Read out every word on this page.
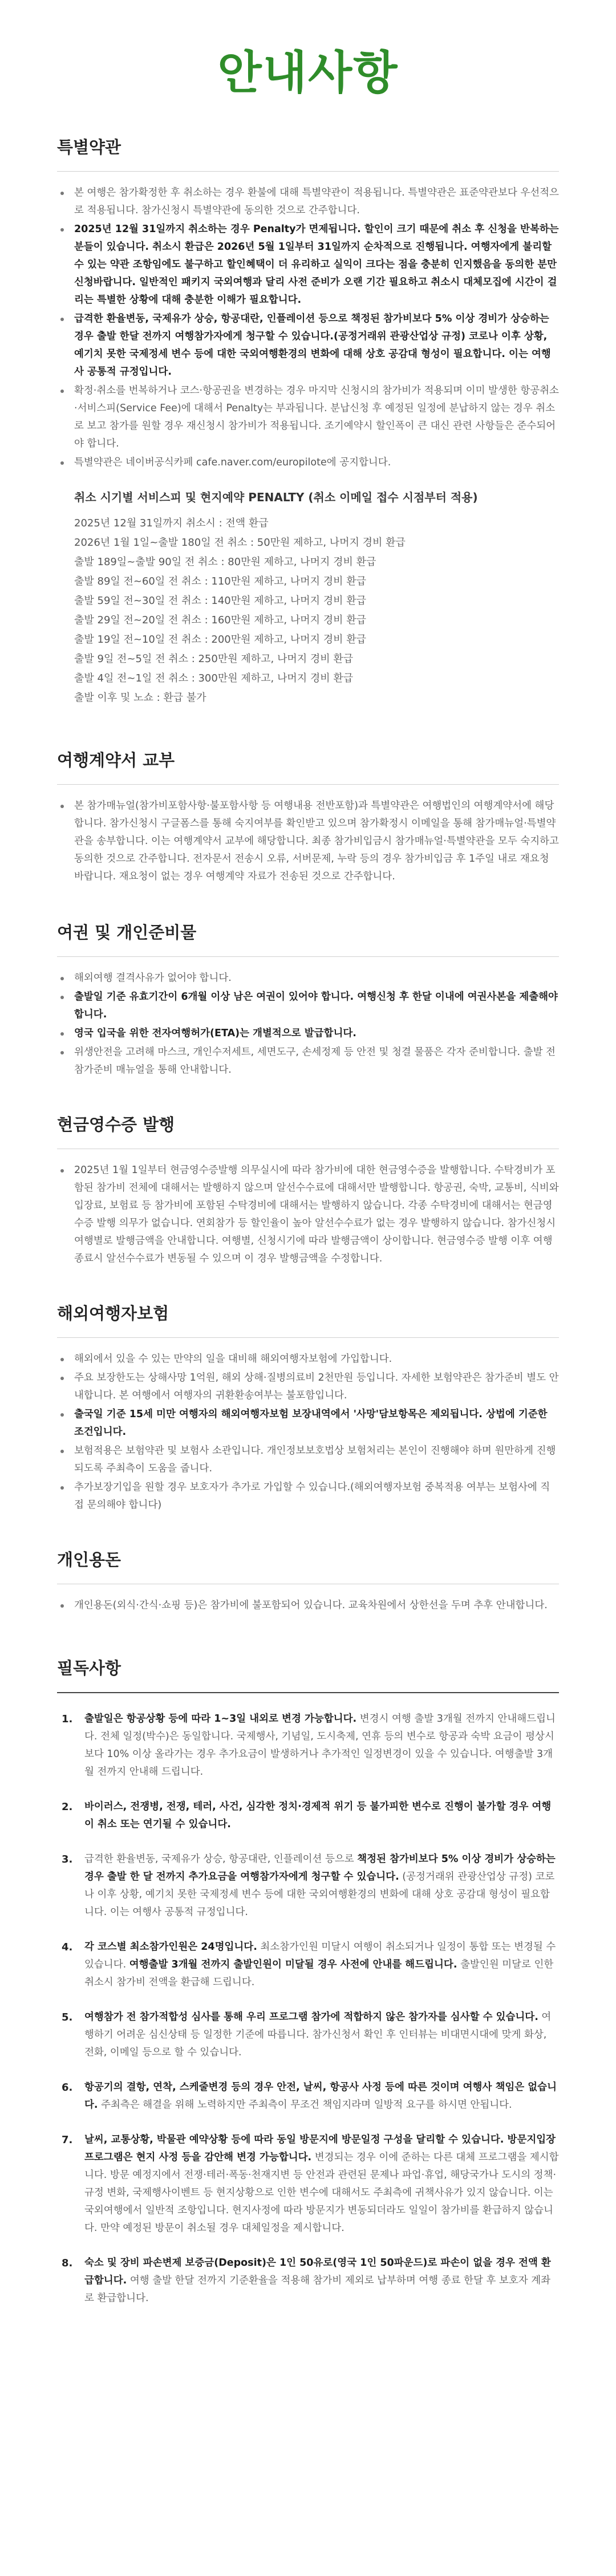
안내사항
특별약관
본 여행은 참가확정한 후 취소하는 경우 환불에 대해 특별약관이 적용됩니다. 특별약관은 표준약관보다 우선적으로 적용됩니다. 참가신청시 특별약관에 동의한 것으로 간주합니다.
2025년 12월 31일까지 취소하는 경우 Penalty가 면제됩니다. 할인이 크기 때문에 취소 후 신청을 반복하는 분들이 있습니다. 취소시 환급은 2026년 5월 1일부터 31일까지 순차적으로 진행됩니다. 여행자에게 불리할 수 있는 약관 조항임에도 불구하고 할인혜택이 더 유리하고 실익이 크다는 점을 충분히 인지했음을 동의한 분만 신청바랍니다. 일반적인 패키지 국외여행과 달리 사전 준비가 오랜 기간 필요하고 취소시 대체모집에 시간이 걸리는 특별한 상황에 대해 충분한 이해가 필요합니다.
급격한 환율변동, 국제유가 상승, 항공대란, 인플레이션 등으로 책정된 참가비보다 5% 이상 경비가 상승하는 경우 출발 한달 전까지 여행참가자에게 청구할 수 있습니다.(공정거래위 관광산업상 규정) 코로나 이후 상황, 예기치 못한 국제정세 변수 등에 대한 국외여행환경의 변화에 대해 상호 공감대 형성이 필요합니다. 이는 여행사 공통적 규정입니다.
확정·취소를 번복하거나 코스·항공권을 변경하는 경우 마지막 신청시의 참가비가 적용되며 이미 발생한 항공취소·서비스피(Service Fee)에 대해서 Penalty는 부과됩니다. 분납신청 후 예정된 일정에 분납하지 않는 경우 취소로 보고 참가를 원할 경우 재신청시 참가비가 적용됩니다. 조기예약시 할인폭이 큰 대신 관련 사항들은 준수되어야 합니다.
특별약관은 네이버공식카페 cafe.naver.com/europilote에 공지합니다.
취소 시기별 서비스피 및 현지예약 PENALTY (취소 이메일 접수 시점부터 적용)
2025년 12월 31일까지 취소시 : 전액 환급
2026년 1월 1일~출발 180일 전 취소 : 50만원 제하고, 나머지 경비 환급
출발 189일~출발 90일 전 취소 : 80만원 제하고, 나머지 경비 환급
출발 89일 전~60일 전 취소 : 110만원 제하고, 나머지 경비 환급
출발 59일 전~30일 전 취소 : 140만원 제하고, 나머지 경비 환급
출발 29일 전~20일 전 취소 : 160만원 제하고, 나머지 경비 환급
출발 19일 전~10일 전 취소 : 200만원 제하고, 나머지 경비 환급
출발 9일 전~5일 전 취소 : 250만원 제하고, 나머지 경비 환급
출발 4일 전~1일 전 취소 : 300만원 제하고, 나머지 경비 환급
출발 이후 및 노쇼 : 환급 불가
여행계약서 교부
본 참가매뉴얼(참가비포함사항·불포함사항 등 여행내용 전반포함)과 특별약관은 여행법인의 여행계약서에 해당합니다. 참가신청시 구글폼스를 통해 숙지여부를 확인받고 있으며 참가확정시 이메일을 통해 참가매뉴얼·특별약관을 송부합니다. 이는 여행계약서 교부에 해당합니다. 최종 참가비입금시 참가매뉴얼·특별약관을 모두 숙지하고 동의한 것으로 간주합니다. 전자문서 전송시 오류, 서버문제, 누락 등의 경우 참가비입금 후 1주일 내로 재요청 바랍니다. 재요청이 없는 경우 여행계약 자료가 전송된 것으로 간주합니다.
여권 및 개인준비물
해외여행 결격사유가 없어야 합니다.
출발일 기준 유효기간이 6개월 이상 남은 여권이 있어야 합니다. 여행신청 후 한달 이내에 여권사본을 제출해야 합니다.
영국 입국을 위한 전자여행허가(ETA)는 개별적으로 발급합니다.
위생안전을 고려해 마스크, 개인수저세트, 세면도구, 손세정제 등 안전 및 청결 물품은 각자 준비합니다. 출발 전 참가준비 매뉴얼을 통해 안내합니다.
현금영수증 발행
2025년 1월 1일부터 현금영수증발행 의무실시에 따라 참가비에 대한 현금영수증을 발행합니다. 수탁경비가 포함된 참가비 전체에 대해서는 발행하지 않으며 알선수수료에 대해서만 발행합니다. 항공권, 숙박, 교통비, 식비와 입장료, 보험료 등 참가비에 포함된 수탁경비에 대해서는 발행하지 않습니다. 각종 수탁경비에 대해서는 현금영수증 발행 의무가 없습니다. 연회참가 등 할인율이 높아 알선수수료가 없는 경우 발행하지 않습니다. 참가신청시 여행별로 발행금액을 안내합니다. 여행별, 신청시기에 따라 발행금액이 상이합니다. 현금영수증 발행 이후 여행 종료시 알선수수료가 변동될 수 있으며 이 경우 발행금액을 수정합니다.
해외여행자보험
해외에서 있을 수 있는 만약의 일을 대비해 해외여행자보험에 가입합니다.
주요 보장한도는 상해사망 1억원, 해외 상해·질병의료비 2천만원 등입니다. 자세한 보험약관은 참가준비 별도 안내합니다. 본 여행에서 여행자의 귀환환송여부는 불포함입니다.
출국일 기준 15세 미만 여행자의 해외여행자보험 보장내역에서 '사망'담보항목은 제외됩니다. 상법에 기준한 조건입니다.
보험적용은 보험약관 및 보험사 소관입니다. 개인정보보호법상 보험처리는 본인이 진행해야 하며 원만하게 진행되도록 주최측이 도움을 줍니다.
추가보장기입을 원할 경우 보호자가 추가로 가입할 수 있습니다.(해외여행자보험 중복적용 여부는 보험사에 직접 문의해야 합니다)
개인용돈
개인용돈(외식·간식·쇼핑 등)은 참가비에 불포함되어 있습니다. 교육차원에서 상한선을 두며 추후 안내합니다.
필독사항
1. 출발일은 항공상황 등에 따라 1~3일 내외로 변경 가능합니다. 변경시 여행 출발 3개월 전까지 안내해드립니다. 전체 일정(박수)은 동일합니다. 국제행사, 기념일, 도시축제, 연휴 등의 변수로 항공과 숙박 요금이 평상시보다 10% 이상 올라가는 경우 추가요금이 발생하거나 추가적인 일정변경이 있을 수 있습니다. 여행출발 3개월 전까지 안내해 드립니다.
2. 바이러스, 전쟁병, 전쟁, 테러, 사건, 심각한 정치·경제적 위기 등 불가피한 변수로 진행이 불가할 경우 여행이 취소 또는 연기될 수 있습니다.
3. 급격한 환율변동, 국제유가 상승, 항공대란, 인플레이션 등으로 책정된 참가비보다 5% 이상 경비가 상승하는 경우 출발 한 달 전까지 추가요금을 여행참가자에게 청구할 수 있습니다. (공정거래위 관광산업상 규정) 코로나 이후 상황, 예기치 못한 국제정세 변수 등에 대한 국외여행환경의 변화에 대해 상호 공감대 형성이 필요합니다. 이는 여행사 공통적 규정입니다.
4. 각 코스별 최소참가인원은 24명입니다. 최소참가인원 미달시 여행이 취소되거나 일정이 통합 또는 변경될 수 있습니다. 여행출발 3개월 전까지 출발인원이 미달될 경우 사전에 안내를 해드립니다. 출발인원 미달로 인한 취소시 참가비 전액을 환급해 드립니다.
5. 여행참가 전 참가적합성 심사를 통해 우리 프로그램 참가에 적합하지 않은 참가자를 심사할 수 있습니다. 여행하기 어려운 심신상태 등 일정한 기준에 따릅니다. 참가신청서 확인 후 인터뷰는 비대면시대에 맞게 화상, 전화, 이메일 등으로 할 수 있습니다.
6. 항공기의 결항, 연착, 스케줄변경 등의 경우 안전, 날씨, 항공사 사정 등에 따른 것이며 여행사 책임은 없습니다. 주최측은 해결을 위해 노력하지만 주최측이 무조건 책임지라며 일방적 요구를 하시면 안됩니다.
7. 날씨, 교통상황, 박물관 예약상황 등에 따라 동일 방문지에 방문일정 구성을 달리할 수 있습니다. 방문지입장 프로그램은 현지 사정 등을 감안해 변경 가능합니다. 변경되는 경우 이에 준하는 다른 대체 프로그램을 제시합니다. 방문 예정지에서 전쟁·테러·폭동·천재지변 등 안전과 관련된 문제나 파업·휴업, 해당국가나 도시의 정책·규정 변화, 국제행사이벤트 등 현지상황으로 인한 변수에 대해서도 주최측에 귀책사유가 있지 않습니다. 이는 국외여행에서 일반적 조항입니다. 현지사정에 따라 방문지가 변동되더라도 일일이 참가비를 환급하지 않습니다. 만약 예정된 방문이 취소될 경우 대체일정을 제시합니다.
8. 숙소 및 장비 파손변제 보증금(Deposit)은 1인 50유로(영국 1인 50파운드)로 파손이 없을 경우 전액 환급합니다. 여행 출발 한달 전까지 기준환율을 적용해 참가비 제외로 납부하며 여행 종료 한달 후 보호자 계좌로 환급합니다.
